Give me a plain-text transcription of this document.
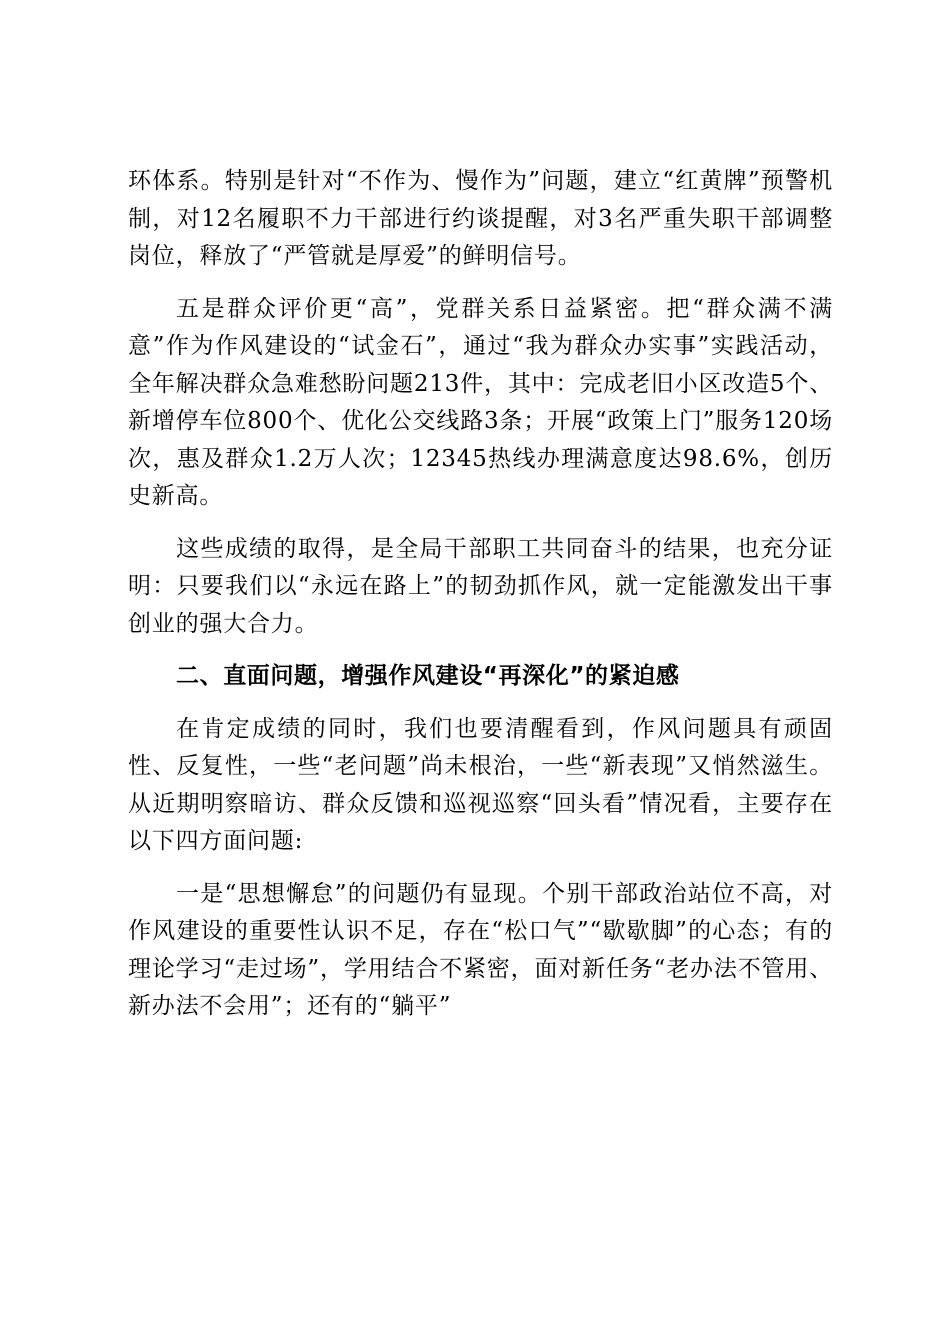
环体系。特别是针对“不作为、慢作为”问题，建立“红黄牌”预警机制，对12名履职不力干部进行约谈提醒，对3名严重失职干部调整岗位，释放了“严管就是厚爱”的鲜明信号。

五是群众评价更“高”，党群关系日益紧密。把“群众满不满意”作为作风建设的“试金石”，通过“我为群众办实事”实践活动，全年解决群众急难愁盼问题213件，其中：完成老旧小区改造5个、新增停车位800个、优化公交线路3条；开展“政策上门”服务120场次，惠及群众1.2万人次；12345热线办理满意度达98.6%，创历史新高。

这些成绩的取得，是全局干部职工共同奋斗的结果，也充分证明：只要我们以“永远在路上”的韧劲抓作风，就一定能激发出干事创业的强大合力。

二、直面问题，增强作风建设“再深化”的紧迫感

在肯定成绩的同时，我们也要清醒看到，作风问题具有顽固性、反复性，一些“老问题”尚未根治，一些“新表现”又悄然滋生。从近期明察暗访、群众反馈和巡视巡察“回头看”情况看，主要存在以下四方面问题:

一是“思想懈怠”的问题仍有显现。个别干部政治站位不高，对作风建设的重要性认识不足，存在“松口气”“歇歇脚”的心态；有的理论学习“走过场”，学用结合不紧密，面对新任务“老办法不管用、新办法不会用”；还有的“躺平”
